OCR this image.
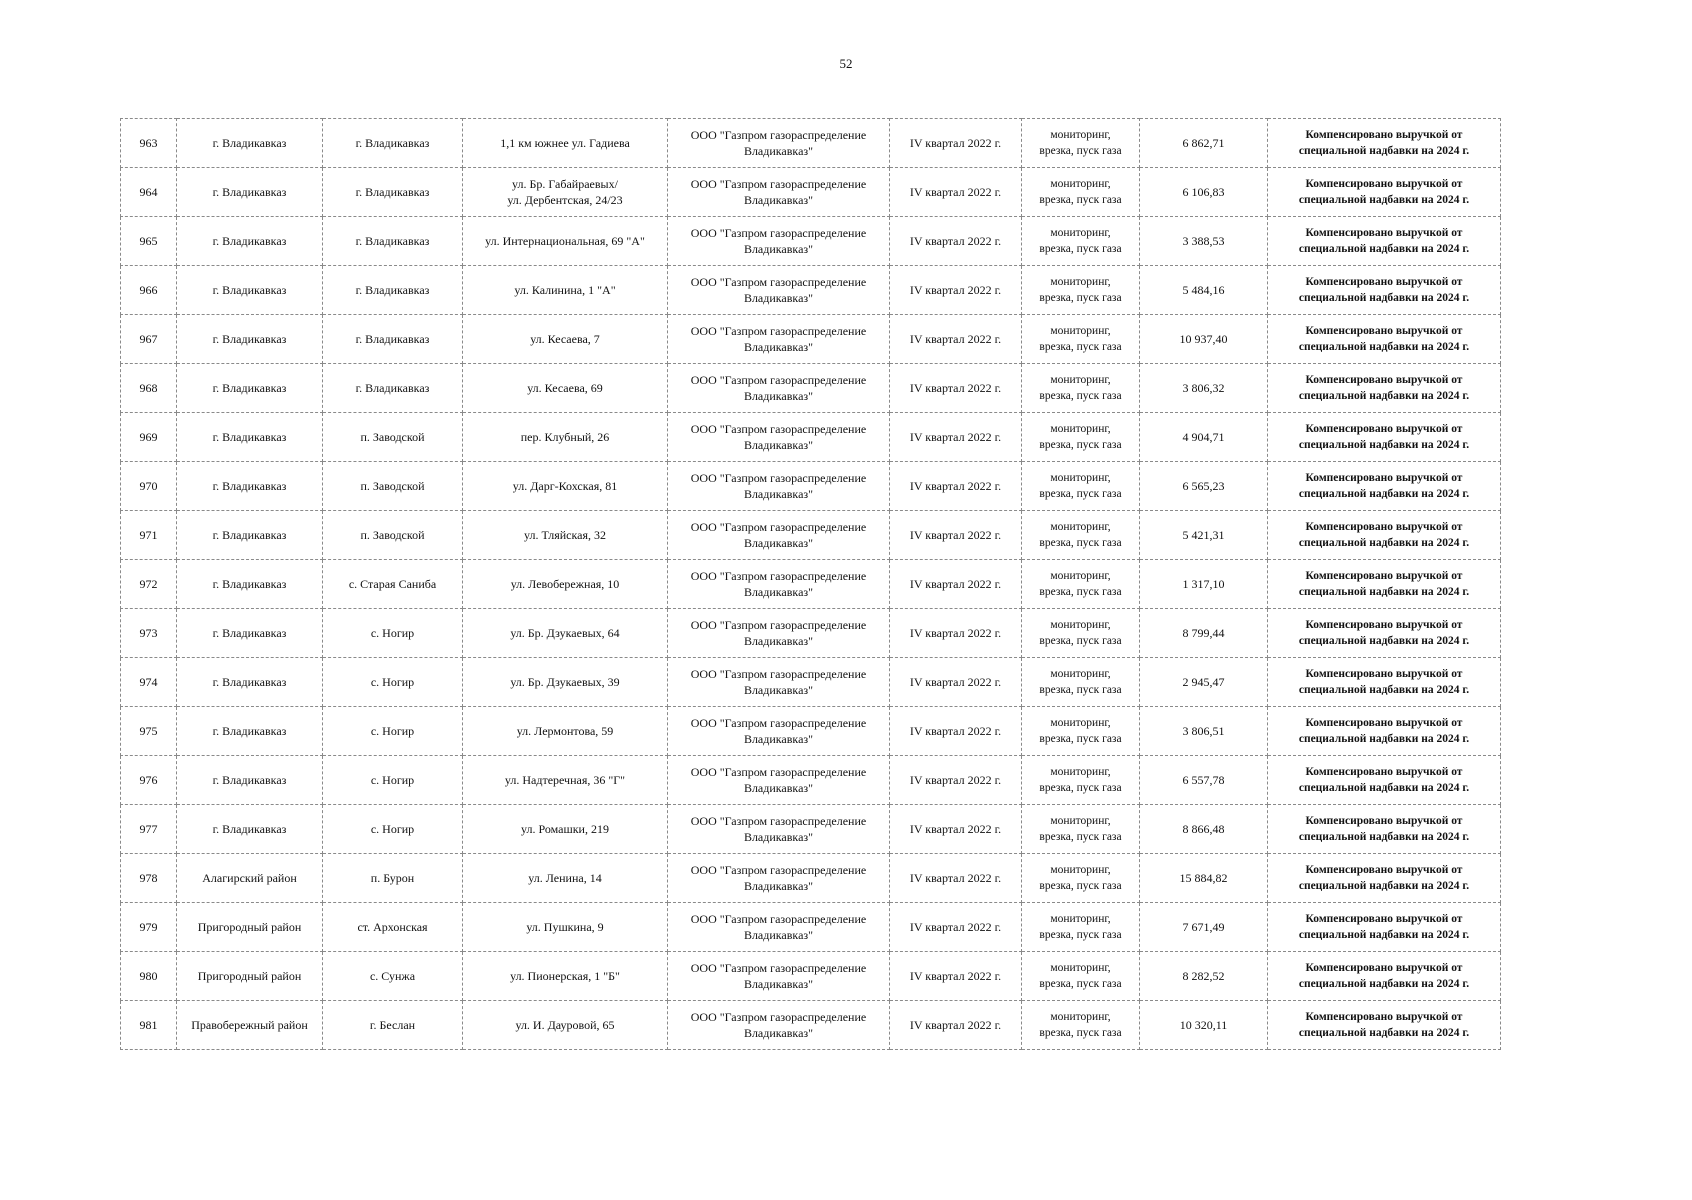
52
963	г. Владикавказ	г. Владикавказ	1,1 км южнее ул. Гадиева	ООО "Газпром газораспределение
Владикавказ"	IV квартал 2022 г.	мониторинг,
врезка, пуск газа	6 862,71	Компенсировано выручкой от
специальной надбавки на 2024 г.

964	г. Владикавказ	г. Владикавказ	ул. Бр. Габайраевых/
ул. Дербентская, 24/23	ООО "Газпром газораспределение
Владикавказ"	IV квартал 2022 г.	мониторинг,
врезка, пуск газа	6 106,83	Компенсировано выручкой от
специальной надбавки на 2024 г.

965	г. Владикавказ	г. Владикавказ	ул. Интернациональная, 69 "А"	ООО "Газпром газораспределение
Владикавказ"	IV квартал 2022 г.	мониторинг,
врезка, пуск газа	3 388,53	Компенсировано выручкой от
специальной надбавки на 2024 г.

966	г. Владикавказ	г. Владикавказ	ул. Калинина, 1 "А"	ООО "Газпром газораспределение
Владикавказ"	IV квартал 2022 г.	мониторинг,
врезка, пуск газа	5 484,16	Компенсировано выручкой от
специальной надбавки на 2024 г.

967	г. Владикавказ	г. Владикавказ	ул. Кесаева, 7	ООО "Газпром газораспределение
Владикавказ"	IV квартал 2022 г.	мониторинг,
врезка, пуск газа	10 937,40	Компенсировано выручкой от
специальной надбавки на 2024 г.

968	г. Владикавказ	г. Владикавказ	ул. Кесаева, 69	ООО "Газпром газораспределение
Владикавказ"	IV квартал 2022 г.	мониторинг,
врезка, пуск газа	3 806,32	Компенсировано выручкой от
специальной надбавки на 2024 г.

969	г. Владикавказ	п. Заводской	пер. Клубный, 26	ООО "Газпром газораспределение
Владикавказ"	IV квартал 2022 г.	мониторинг,
врезка, пуск газа	4 904,71	Компенсировано выручкой от
специальной надбавки на 2024 г.

970	г. Владикавказ	п. Заводской	ул. Дарг-Кохская, 81	ООО "Газпром газораспределение
Владикавказ"	IV квартал 2022 г.	мониторинг,
врезка, пуск газа	6 565,23	Компенсировано выручкой от
специальной надбавки на 2024 г.

971	г. Владикавказ	п. Заводской	ул. Тляйская, 32	ООО "Газпром газораспределение
Владикавказ"	IV квартал 2022 г.	мониторинг,
врезка, пуск газа	5 421,31	Компенсировано выручкой от
специальной надбавки на 2024 г.

972	г. Владикавказ	с. Старая Саниба	ул. Левобережная, 10	ООО "Газпром газораспределение
Владикавказ"	IV квартал 2022 г.	мониторинг,
врезка, пуск газа	1 317,10	Компенсировано выручкой от
специальной надбавки на 2024 г.

973	г. Владикавказ	с. Ногир	ул. Бр. Дзукаевых, 64	ООО "Газпром газораспределение
Владикавказ"	IV квартал 2022 г.	мониторинг,
врезка, пуск газа	8 799,44	Компенсировано выручкой от
специальной надбавки на 2024 г.

974	г. Владикавказ	с. Ногир	ул. Бр. Дзукаевых, 39	ООО "Газпром газораспределение
Владикавказ"	IV квартал 2022 г.	мониторинг,
врезка, пуск газа	2 945,47	Компенсировано выручкой от
специальной надбавки на 2024 г.

975	г. Владикавказ	с. Ногир	ул. Лермонтова, 59	ООО "Газпром газораспределение
Владикавказ"	IV квартал 2022 г.	мониторинг,
врезка, пуск газа	3 806,51	Компенсировано выручкой от
специальной надбавки на 2024 г.

976	г. Владикавказ	с. Ногир	ул. Надтеречная, 36 "Г"	ООО "Газпром газораспределение
Владикавказ"	IV квартал 2022 г.	мониторинг,
врезка, пуск газа	6 557,78	Компенсировано выручкой от
специальной надбавки на 2024 г.

977	г. Владикавказ	с. Ногир	ул. Ромашки, 219	ООО "Газпром газораспределение
Владикавказ"	IV квартал 2022 г.	мониторинг,
врезка, пуск газа	8 866,48	Компенсировано выручкой от
специальной надбавки на 2024 г.

978	Алагирский район	п. Бурон	ул. Ленина, 14	ООО "Газпром газораспределение
Владикавказ"	IV квартал 2022 г.	мониторинг,
врезка, пуск газа	15 884,82	Компенсировано выручкой от
специальной надбавки на 2024 г.

979	Пригородный район	ст. Архонская	ул. Пушкина, 9	ООО "Газпром газораспределение
Владикавказ"	IV квартал 2022 г.	мониторинг,
врезка, пуск газа	7 671,49	Компенсировано выручкой от
специальной надбавки на 2024 г.

980	Пригородный район	с. Сунжа	ул. Пионерская, 1 "Б"	ООО "Газпром газораспределение
Владикавказ"	IV квартал 2022 г.	мониторинг,
врезка, пуск газа	8 282,52	Компенсировано выручкой от
специальной надбавки на 2024 г.

981	Правобережный район	г. Беслан	ул. И. Дауровой, 65	ООО "Газпром газораспределение
Владикавказ"	IV квартал 2022 г.	мониторинг,
врезка, пуск газа	10 320,11	Компенсировано выручкой от
специальной надбавки на 2024 г.
